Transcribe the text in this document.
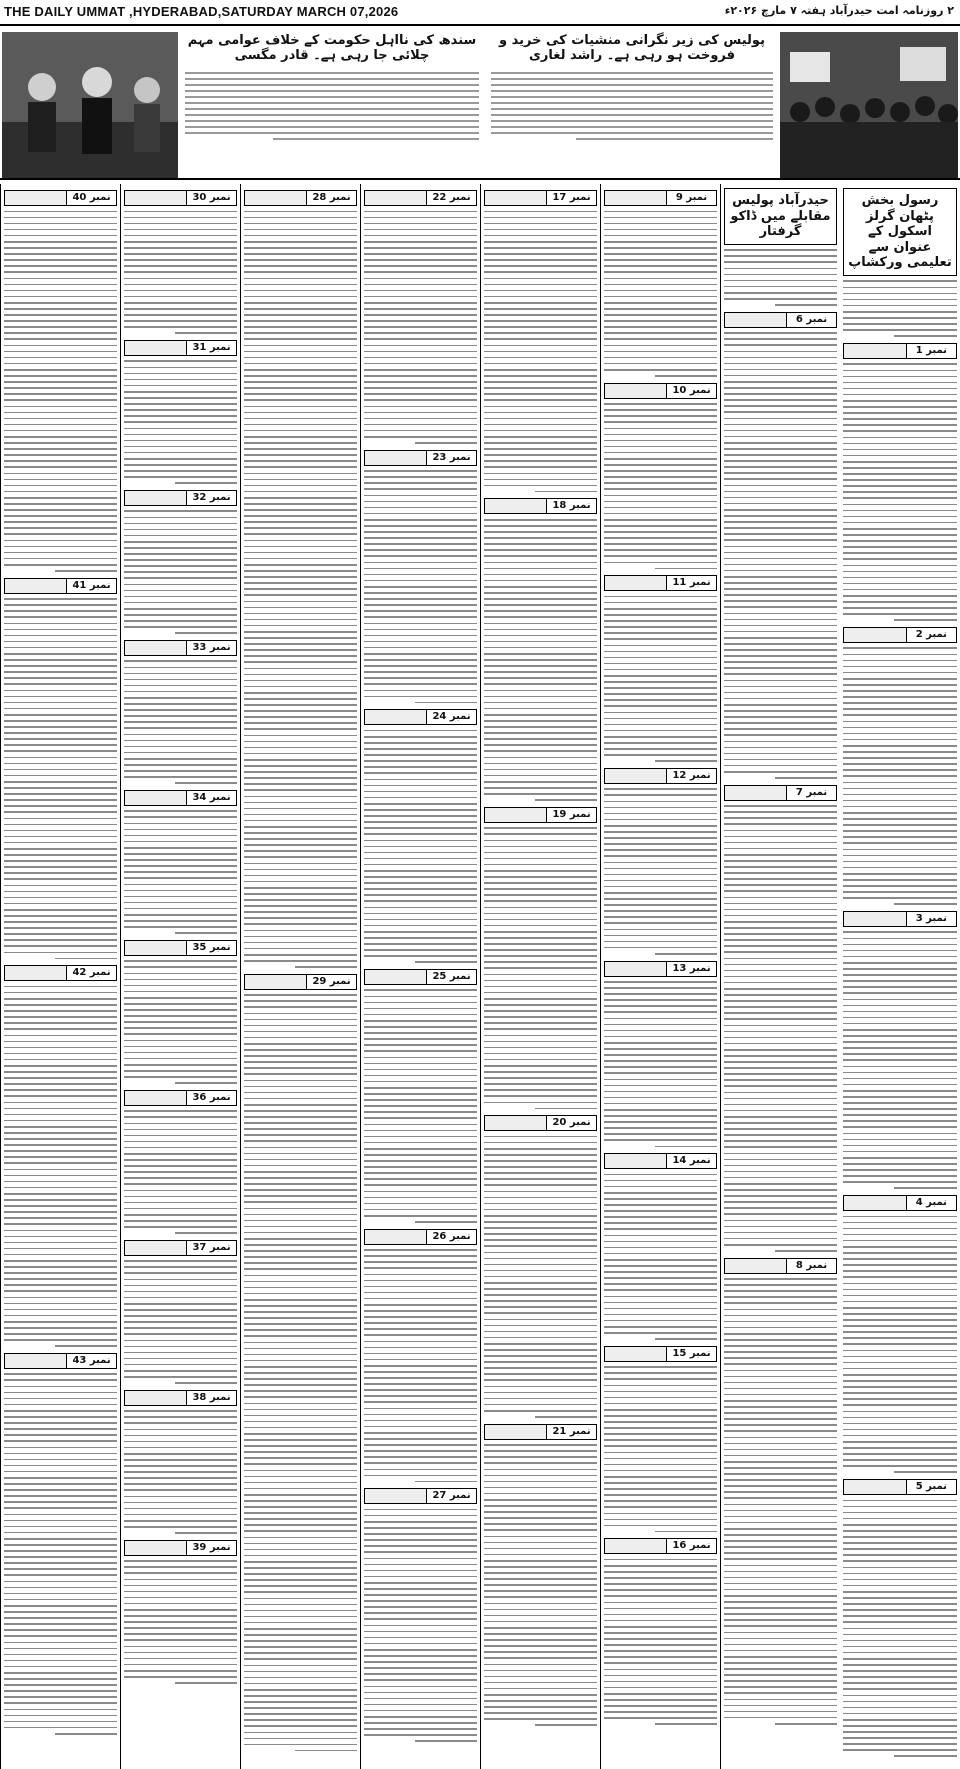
THE DAILY UMMAT ,HYDERABAD,SATURDAY MARCH 07,2026	۲ روزنامہ امت حیدرآباد ہفتہ ۷ مارچ ۲۰۲۶ء
سندھ کی نااہل حکومت کے خلاف عوامی مہم چلائی جا رہی ہے۔ قادر مگسی
پولیس کی زیر نگرانی منشیات کی خرید و فروخت ہو رہی ہے۔ راشد لغاری
رسول بخش پٹھان گرلز اسکول کے عنوان سے تعلیمی ورکشاپ
نمبر 1
نمبر 2
نمبر 3
نمبر 4
نمبر 5
حیدرآباد پولیس مقابلے میں ڈاکو گرفتار
نمبر 6
نمبر 7
نمبر 8
نمبر 9
نمبر 10
نمبر 11
نمبر 12
نمبر 13
نمبر 14
نمبر 15
نمبر 16
نمبر 17
نمبر 18
نمبر 19
نمبر 20
نمبر 21
نمبر 22
نمبر 23
نمبر 24
نمبر 25
نمبر 26
نمبر 27
نمبر 28
نمبر 29
نمبر 30
نمبر 31
نمبر 32
نمبر 33
نمبر 34
نمبر 35
نمبر 36
نمبر 37
نمبر 38
نمبر 39
نمبر 40
نمبر 41
نمبر 42
نمبر 43
